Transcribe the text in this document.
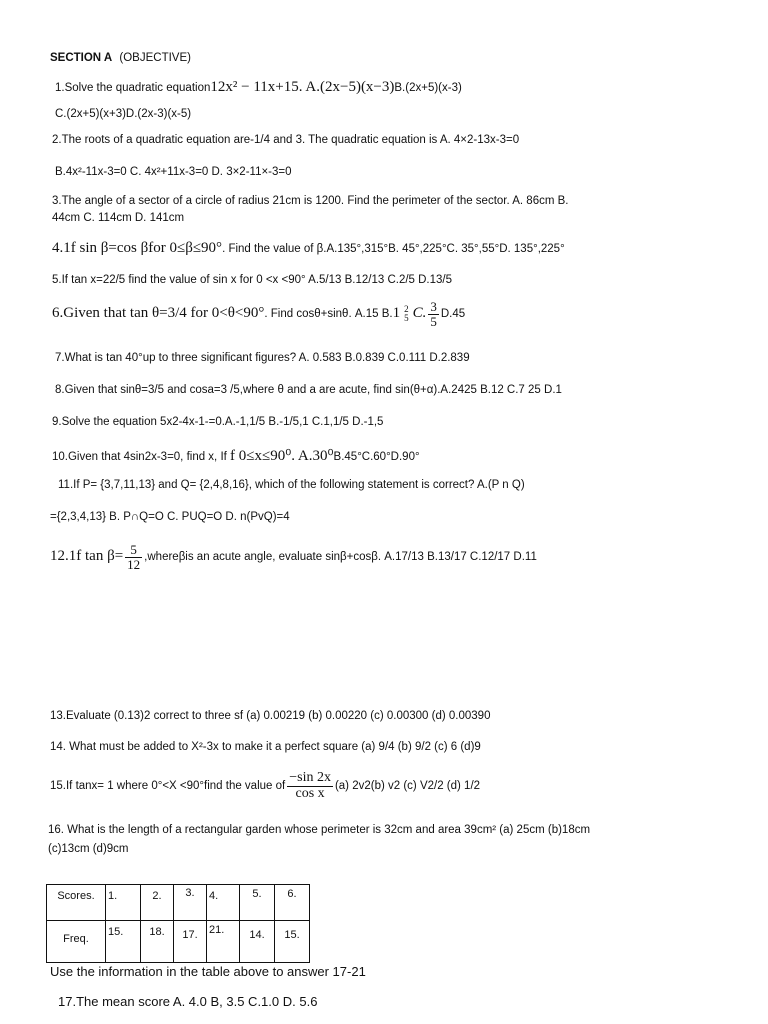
SECTION A (OBJECTIVE)
1.Solve the quadratic equation12x² − 11x+15. A.(2x−5)(x−3)B.(2x+5)(x-3)
C.(2x+5)(x+3)D.(2x-3)(x-5)
2.The roots of a quadratic equation are-1/4 and 3. The quadratic equation is A. 4×2-13x-3=0
B.4x²-11x-3=0 C. 4x²+11x-3=0 D. 3×2-11×-3=0
3.The angle of a sector of a circle of radius 21cm is 1200. Find the perimeter of the sector. A. 86cm B.
44cm C. 114cm D. 141cm
4.1f sin β=cos βfor 0≤β≤90°. Find the value of β.A.135°,315°B. 45°,225°C. 35°,55°D. 135°,225°
5.If tan x=22/5 find the value of sin x for 0 <x <90° A.5/13 B.12/13 C.2/5 D.13/5
6.Given that tan θ=3/4 for 0<θ<90°. Find cosθ+sinθ. A.15 B.1 2
5 C. $\frac{3}{5} D.45$
7.What is tan 40°up to three significant figures? A. 0.583 B.0.839 C.0.111 D.2.839
8.Given that sinθ=3/5 and cosa=3 /5,where θ and a are acute, find sin(θ+α).A.2425 B.12 C.7 25 D.1
9.Solve the equation 5x2-4x-1-=0.A.-1,1/5 B.-1/5,1 C.1,1/5 D.-1,5
10.Given that 4sin2x-3=0, find x, If f 0≤x≤90⁰. A.30⁰B.45°C.60°D.90°
11.If P= {3,7,11,13} and Q= {2,4,8,16}, which of the following statement is correct? A.(P n Q)
={2,3,4,13} B. P∩Q=O C. PUQ=O D. n(PvQ)=4
12.1f $\tan \beta= \frac{5}{12}$ ,whereβis an acute angle, evaluate sinβ+cosβ. A.17/13 B.13/17 C.12/17 D.11
13.Evaluate (0.13)2 correct to three sf (a) 0.00219 (b) 0.00220 (c) 0.00300 (d) 0.00390
14. What must be added to X²-3x to make it a perfect square (a) 9/4 (b) 9/2 (c) 6 (d)9
15.If tanx= 1 where 0°<X <90°find the value of $\frac{-\sin 2x}{\text{cos x}} (a)$ 2v2(b) v2 (c) V2/2 (d) 1/2
16. What is the length of a rectangular garden whose perimeter is 32cm and area 39cm² (a) 25cm (b)18cm
(c)13cm (d)9cm
Scores.	1.	2.	3.	4.	5.	6.
Freq.	15.	18.	17.	21.	14.	15.
Use the information in the table above to answer 17-21
17.The mean score A. 4.0 B, 3.5 C.1.0 D. 5.6
